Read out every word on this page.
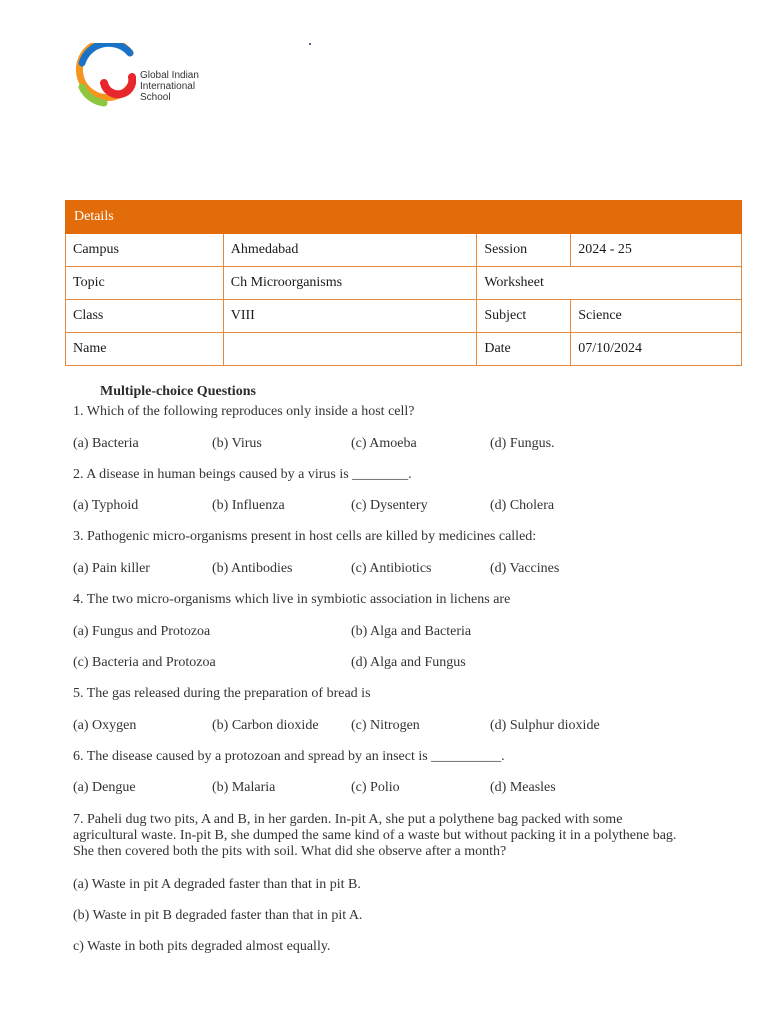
Global Indian
International
School
Details			
Campus	Ahmedabad	Session	2024 - 25
Topic	Ch Microorganisms	Worksheet	
Class	VIII	Subject	Science
Name		Date	07/10/2024
Multiple-choice Questions
1. Which of the following reproduces only inside a host cell?
(a) Bacteria	(b) Virus	(c) Amoeba	(d) Fungus.
2. A disease in human beings caused by a virus is ________.
(a) Typhoid	(b) Influenza	(c) Dysentery	(d) Cholera
3. Pathogenic micro-organisms present in host cells are killed by medicines called:
(a) Pain killer	(b) Antibodies	(c) Antibiotics	(d) Vaccines
4. The two micro-organisms which live in symbiotic association in lichens are
(a) Fungus and Protozoa	(b) Alga and Bacteria
(c) Bacteria and Protozoa	(d) Alga and Fungus
5. The gas released during the preparation of bread is
(a) Oxygen	(b) Carbon dioxide (c) Nitrogen	(d) Sulphur dioxide
6. The disease caused by a protozoan and spread by an insect is __________.
(a) Dengue	(b) Malaria	(c) Polio	(d) Measles
7. Paheli dug two pits, A and B, in her garden. In-pit A, she put a polythene bag packed with some agricultural waste. In-pit B, she dumped the same kind of a waste but without packing it in a polythene bag. She then covered both the pits with soil. What did she observe after a month?
(a) Waste in pit A degraded faster than that in pit B.
(b) Waste in pit B degraded faster than that in pit A.
c) Waste in both pits degraded almost equally.
